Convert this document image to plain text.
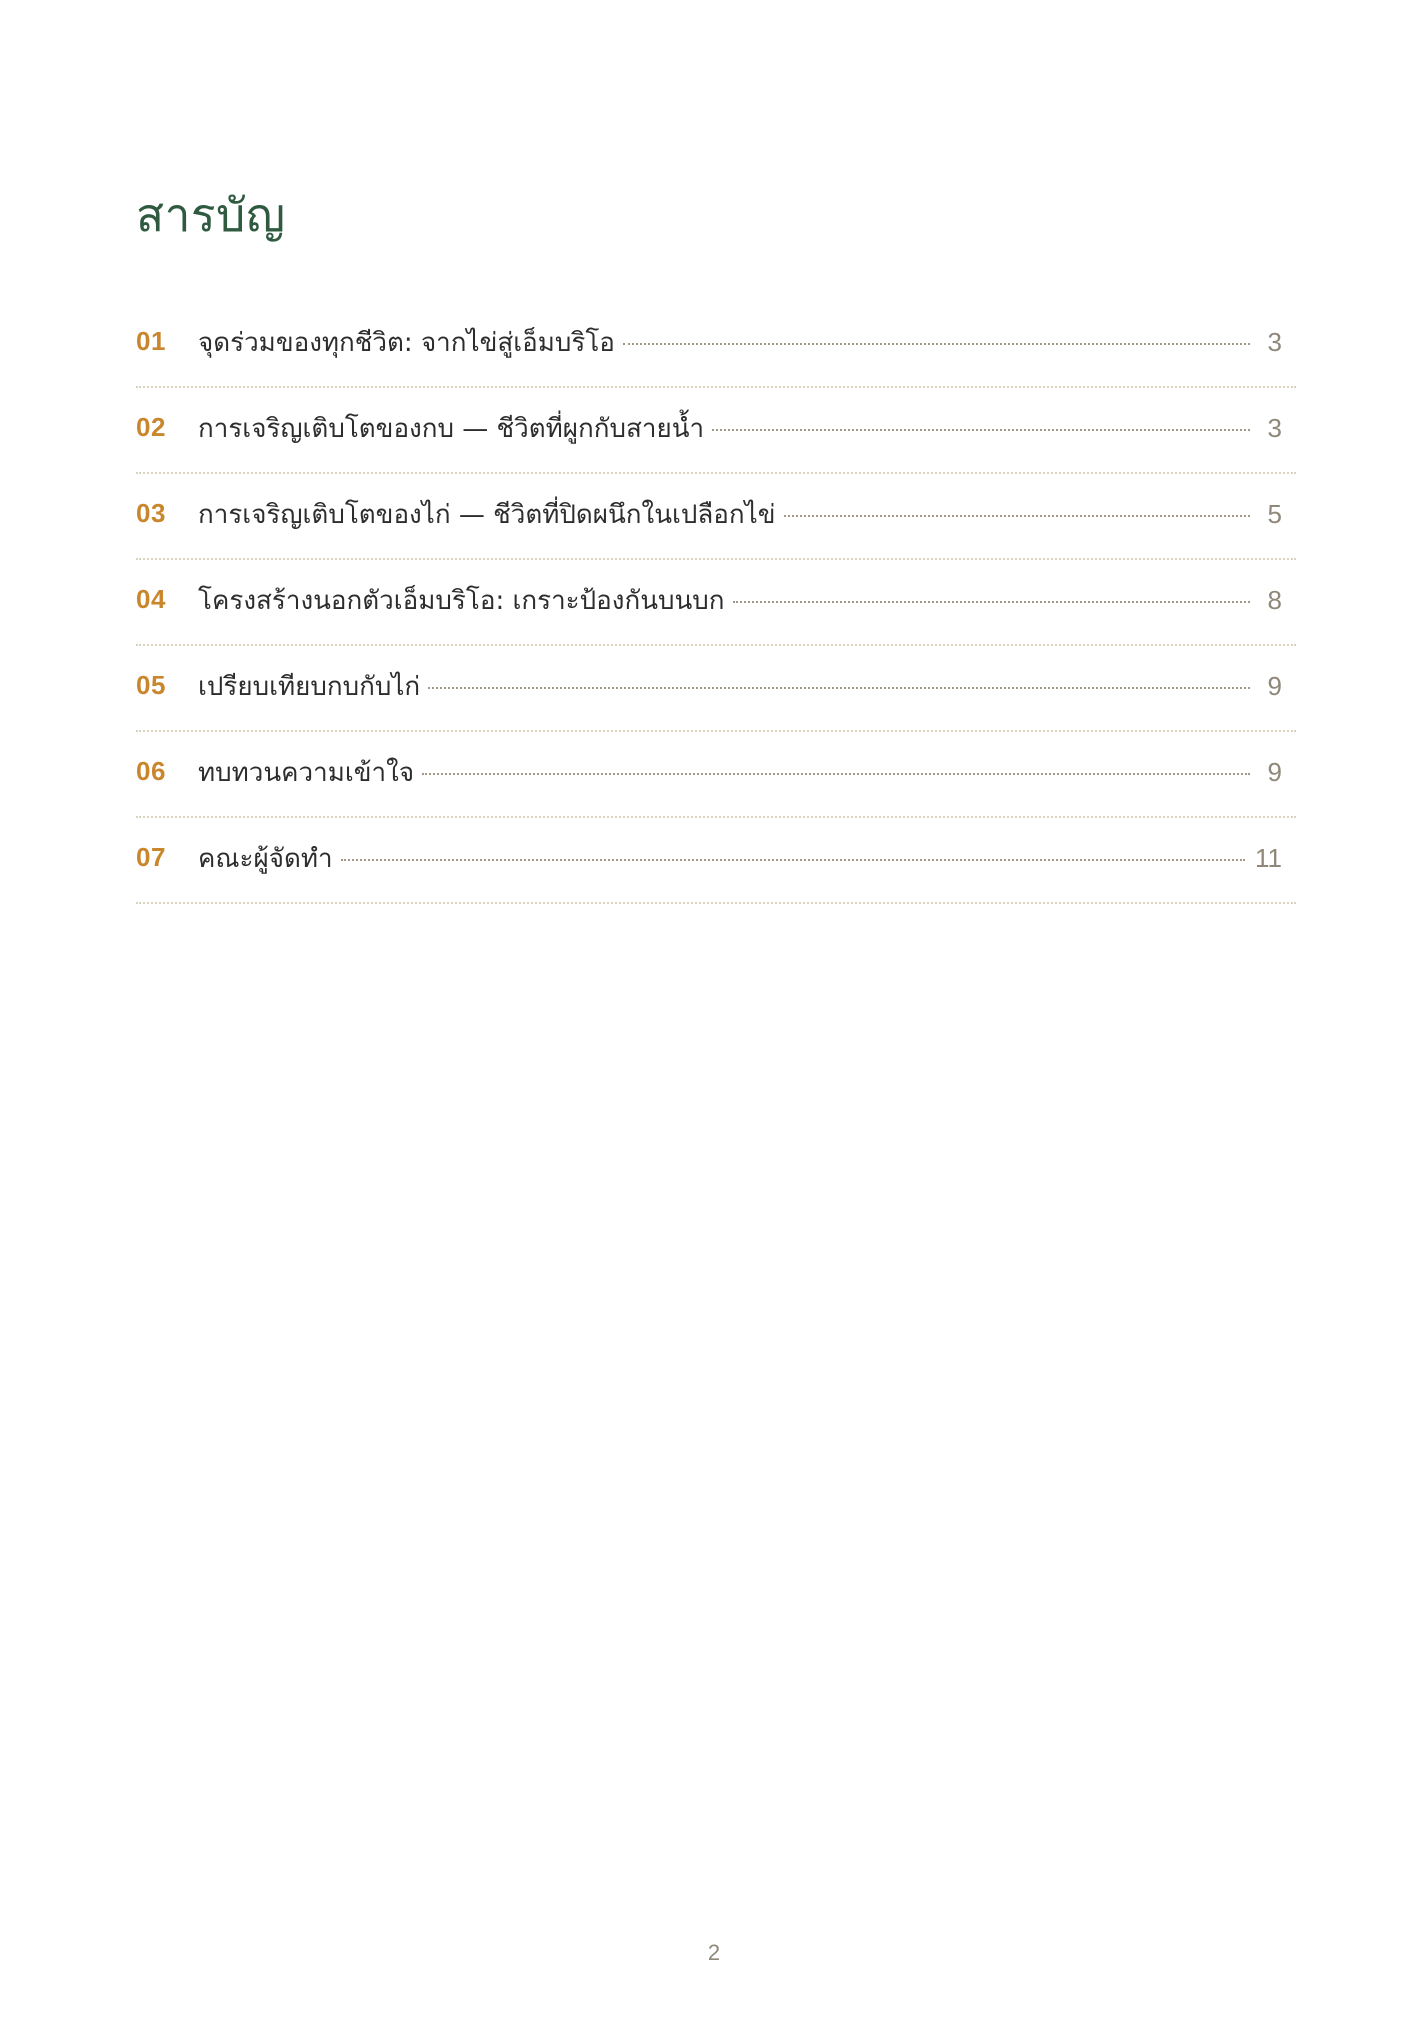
สารบัญ
01 จุดร่วมของทุกชีวิต: จากไข่สู่เอ็มบริโอ	3
02 การเจริญเติบโตของกบ — ชีวิตที่ผูกกับสายน้ำ	3
03 การเจริญเติบโตของไก่ — ชีวิตที่ปิดผนึกในเปลือกไข่	5
04 โครงสร้างนอกตัวเอ็มบริโอ: เกราะป้องกันบนบก	8
05 เปรียบเทียบกบกับไก่	9
06 ทบทวนความเข้าใจ	9
07 คณะผู้จัดทำ	11
2
